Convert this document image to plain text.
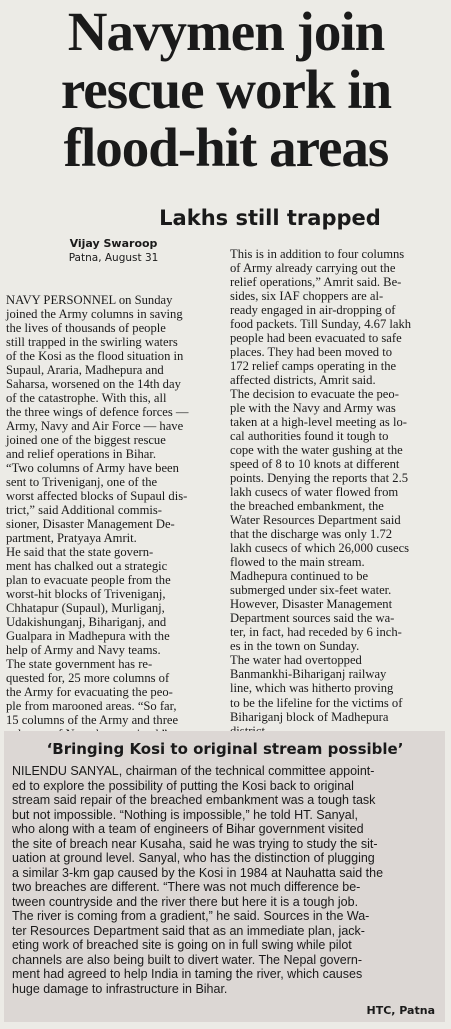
Navymen join
rescue work in
flood-hit areas
Lakhs still trapped
Vijay Swaroop
Patna, August 31
NAVY PERSONNEL on Sunday
joined the Army columns in saving
the lives of thousands of people
still trapped in the swirling waters
of the Kosi as the flood situation in
Supaul, Araria, Madhepura and
Saharsa, worsened on the 14th day
of the catastrophe. With this, all
the three wings of defence forces —
Army, Navy and Air Force — have
joined one of the biggest rescue
and relief operations in Bihar.
“Two columns of Army have been
sent to Triveniganj, one of the
worst affected blocks of Supaul dis-
trict,” said Additional commis-
sioner, Disaster Management De-
partment, Pratyaya Amrit.
He said that the state govern-
ment has chalked out a strategic
plan to evacuate people from the
worst-hit blocks of Triveniganj,
Chhatapur (Supaul), Murliganj,
Udakishunganj, Bihariganj, and
Gualpara in Madhepura with the
help of Army and Navy teams.
The state government has re-
quested for, 25 more columns of
the Army for evacuating the peo-
ple from marooned areas. “So far,
15 columns of the Army and three
This is in addition to four columns
of Army already carrying out the
relief operations,” Amrit said. Be-
sides, six IAF choppers are al-
ready engaged in air-dropping of
food packets. Till Sunday, 4.67 lakh
people had been evacuated to safe
places. They had been moved to
172 relief camps operating in the
affected districts, Amrit said.
The decision to evacuate the peo-
ple with the Navy and Army was
taken at a high-level meeting as lo-
cal authorities found it tough to
cope with the water gushing at the
speed of 8 to 10 knots at different
points. Denying the reports that 2.5
lakh cusecs of water flowed from
the breached embankment, the
Water Resources Department said
that the discharge was only 1.72
lakh cusecs of which 26,000 cusecs
flowed to the main stream.
Madhepura continued to be
submerged under six-feet water.
However, Disaster Management
Department sources said the wa-
ter, in fact, had receded by 6 inch-
es in the town on Sunday.
The water had overtopped
Banmankhi-Bihariganj railway
line, which was hitherto proving
to be the lifeline for the victims of
Bihariganj block of Madhepura
‘Bringing Kosi to original stream possible’
NILENDU SANYAL, chairman of the technical committee appoint-
ed to explore the possibility of putting the Kosi back to original
stream said repair of the breached embankment was a tough task
but not impossible. “Nothing is impossible,” he told HT. Sanyal,
who along with a team of engineers of Bihar government visited
the site of breach near Kusaha, said he was trying to study the sit-
uation at ground level. Sanyal, who has the distinction of plugging
a similar 3-km gap caused by the Kosi in 1984 at Nauhatta said the
two breaches are different. “There was not much difference be-
tween countryside and the river there but here it is a tough job.
The river is coming from a gradient,” he said. Sources in the Wa-
ter Resources Department said that as an immediate plan, jack-
eting work of breached site is going on in full swing while pilot
channels are also being built to divert water. The Nepal govern-
ment had agreed to help India in taming the river, which causes
huge damage to infrastructure in Bihar.
HTC, Patna
